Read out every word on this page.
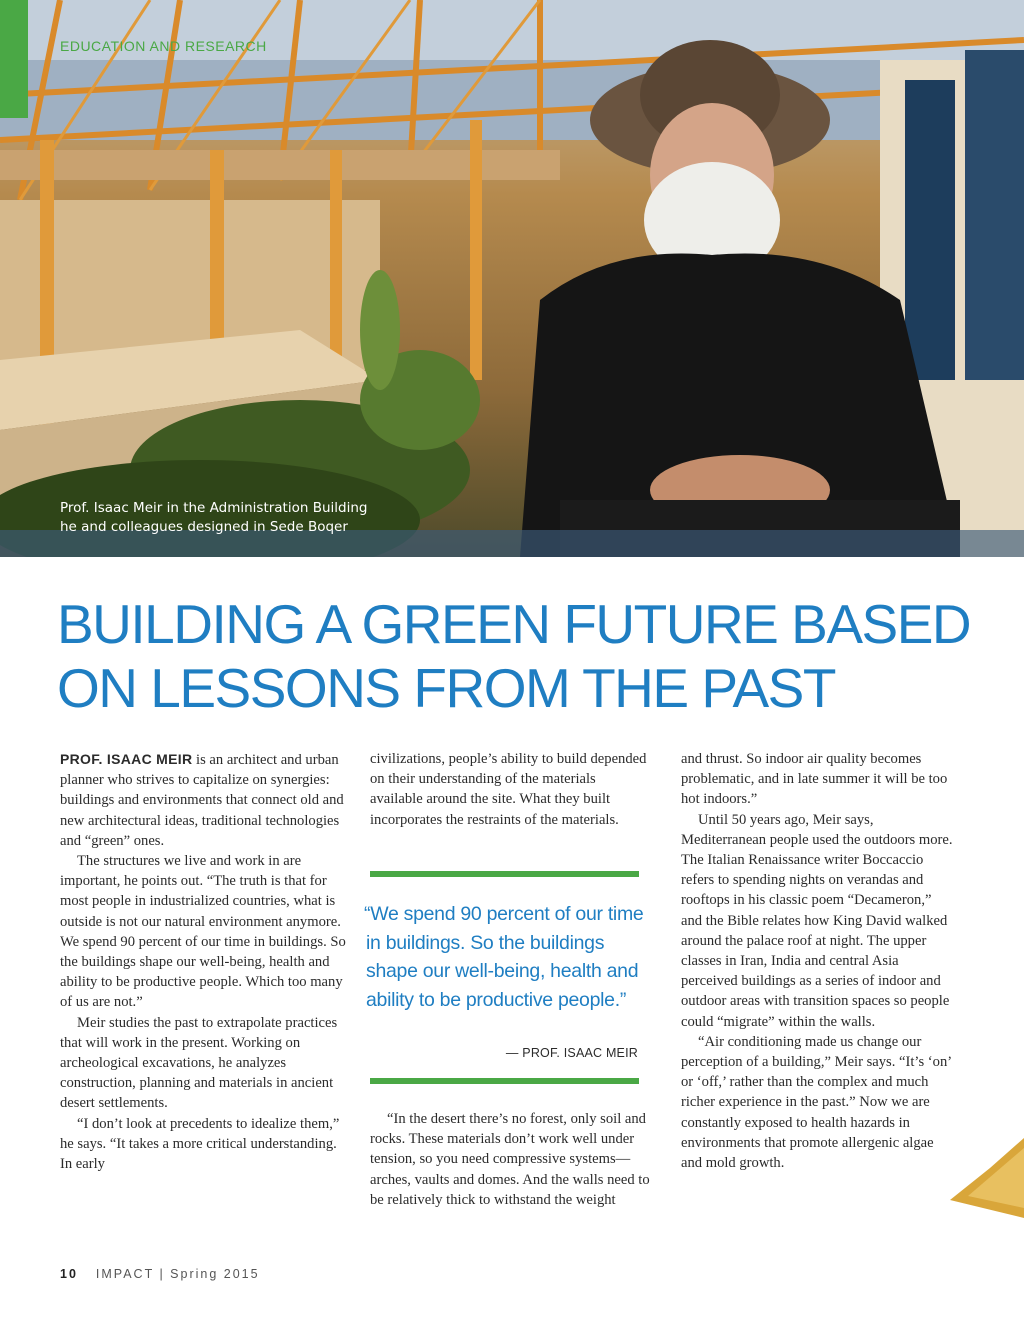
EDUCATION AND RESEARCH
Prof. Isaac Meir in the Administration Building
he and colleagues designed in Sede Boqer
BUILDING A GREEN FUTURE BASED
ON LESSONS FROM THE PAST

PROF. ISAAC MEIR is an architect and urban planner who strives to capitalize on synergies: buildings and environments that connect old and new architectural ideas, traditional technologies and “green” ones.

The structures we live and work in are important, he points out. “The truth is that for most people in industrialized countries, what is outside is not our natural environment anymore. We spend 90 percent of our time in buildings. So the buildings shape our well-being, health and ability to be productive people. Which too many of us are not.”

Meir studies the past to extrapolate practices that will work in the present. Working on archeological excavations, he analyzes construction, planning and materials in ancient desert settlements.

“I don’t look at precedents to idealize them,” he says. “It takes a more critical understanding. In early

civilizations, people’s ability to build depended on their understanding of the materials available around the site. What they built incorporates the restraints of the materials.

“We spend 90 percent of our time in buildings. So the buildings shape our well-being, health and ability to be productive people.”
— PROF. ISAAC MEIR

“In the desert there’s no forest, only soil and rocks. These materials don’t work well under tension, so you need compressive systems—arches, vaults and domes. And the walls need to be relatively thick to withstand the weight

and thrust. So indoor air quality becomes problematic, and in late summer it will be too hot indoors.”

Until 50 years ago, Meir says, Mediterranean people used the outdoors more. The Italian Renaissance writer Boccaccio refers to spending nights on verandas and rooftops in his classic poem “Decameron,” and the Bible relates how King David walked around the palace roof at night. The upper classes in Iran, India and central Asia perceived buildings as a series of indoor and outdoor areas with transition spaces so people could “migrate” within the walls.

“Air conditioning made us change our perception of a building,” Meir says. “It’s ‘on’ or ‘off,’ rather than the complex and much richer experience in the past.” Now we are constantly exposed to health hazards in environments that promote allergenic algae and mold growth.

10 IMPACT | Spring 2015
